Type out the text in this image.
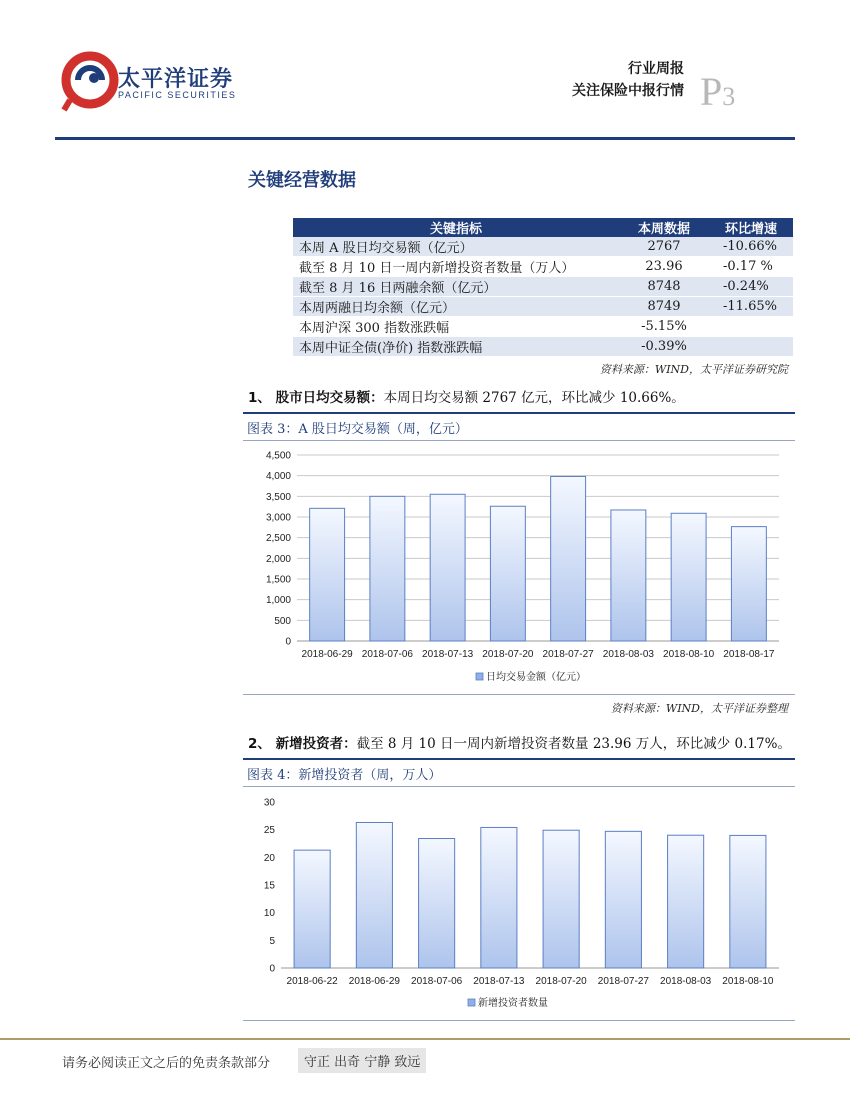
太平洋证券
PACIFIC SECURITIES
行业周报
关注保险中报行情 P3
关键经营数据
关键指标	本周数据	环比增速
本周 A 股日均交易额（亿元）	2767	-10.66%
截至 8 月 10 日一周内新增投资者数量（万人）	23.96	-0.17 %
截至 8 月 16 日两融余额（亿元）	8748	-0.24%
本周两融日均余额（亿元）	8749	-11.65%
本周沪深 300 指数涨跌幅	-5.15%	
本周中证全债(净价) 指数涨跌幅	-0.39%	
资料来源：WIND，太平洋证券研究院
1、 股市日均交易额：本周日均交易额 2767 亿元，环比减少 10.66%。
图表 3：A 股日均交易额（周，亿元）
0
500
1,000
1,500
2,000
2,500
3,000
3,500
4,000
4,500
2018-06-29 2018-07-06 2018-07-13 2018-07-20 2018-07-27 2018-08-03 2018-08-10 2018-08-17
日均交易金额（亿元）
资料来源：WIND，太平洋证券整理
2、 新增投资者：截至 8 月 10 日一周内新增投资者数量 23.96 万人，环比减少 0.17%。
图表 4：新增投资者（周，万人）
0
5
10
15
20
25
30
2018-06-22 2018-06-29 2018-07-06 2018-07-13 2018-07-20 2018-07-27 2018-08-03 2018-08-10
新增投资者数量
请务必阅读正文之后的免责条款部分	守正 出奇 宁静 致远
